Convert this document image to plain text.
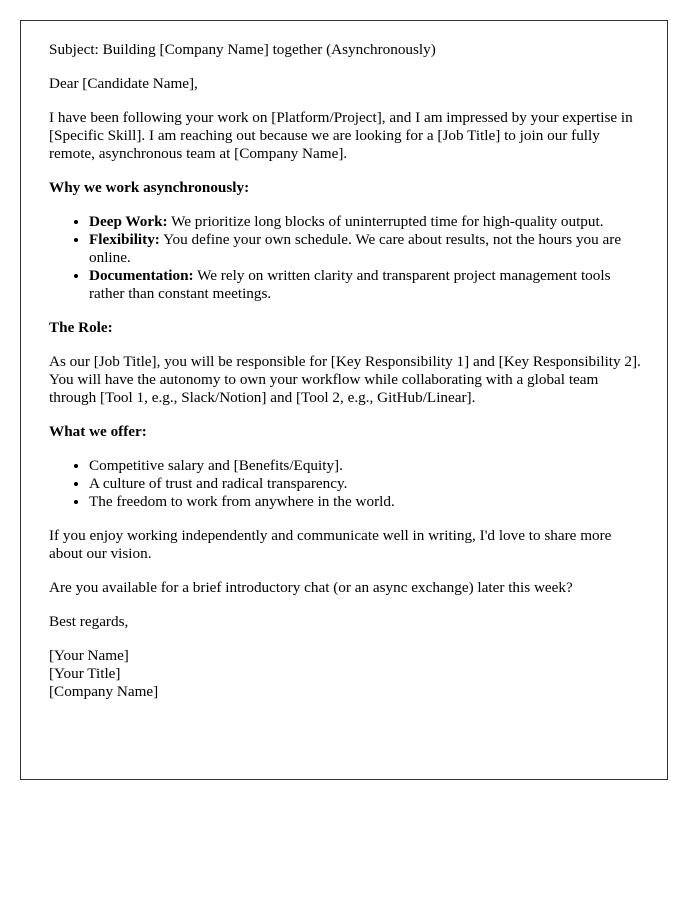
Subject: Building [Company Name] together (Asynchronously)

Dear [Candidate Name],

I have been following your work on [Platform/Project], and I am impressed by your expertise in [Specific Skill]. I am reaching out because we are looking for a [Job Title] to join our fully remote, asynchronous team at [Company Name].

Why we work asynchronously:
• Deep Work: We prioritize long blocks of uninterrupted time for high-quality output.
• Flexibility: You define your own schedule. We care about results, not the hours you are online.
• Documentation: We rely on written clarity and transparent project management tools rather than constant meetings.
The Role:

As our [Job Title], you will be responsible for [Key Responsibility 1] and [Key Responsibility 2]. You will have the autonomy to own your workflow while collaborating with a global team through [Tool 1, e.g., Slack/Notion] and [Tool 2, e.g., GitHub/Linear].

What we offer:
• Competitive salary and [Benefits/Equity].
• A culture of trust and radical transparency.
• The freedom to work from anywhere in the world.

If you enjoy working independently and communicate well in writing, I'd love to share more about our vision.

Are you available for a brief introductory chat (or an async exchange) later this week?

Best regards,

[Your Name]
[Your Title]
[Company Name]
